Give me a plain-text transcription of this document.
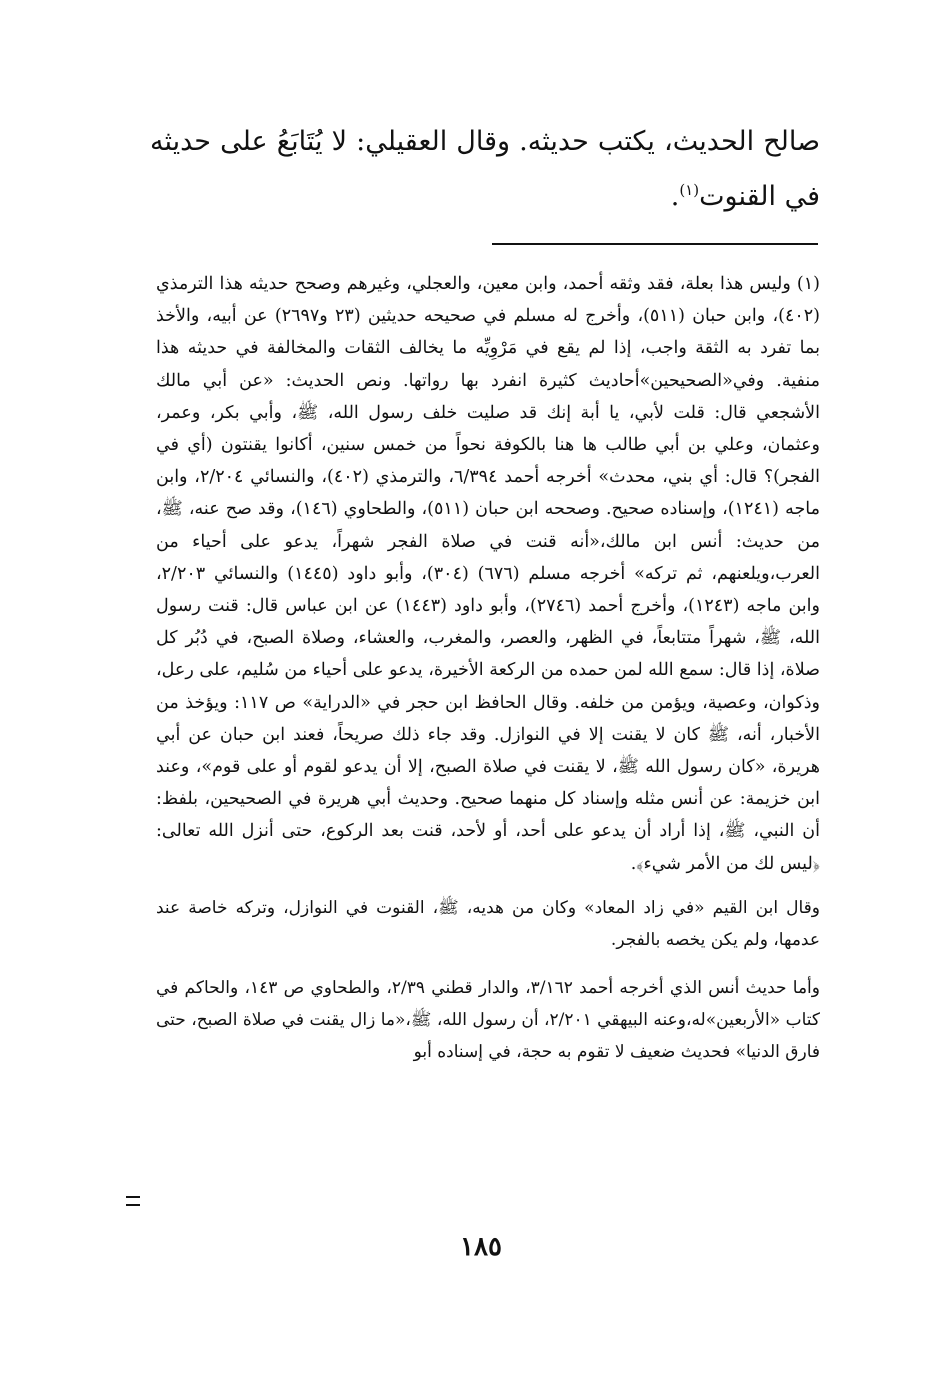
صالح الحديث، يكتب حديثه. وقال العقيلي: لا يُتَابَعُ على حديثه في القنوت$^{(١)}$.

(١) وليس هذا بعلة، فقد وثقه أحمد، وابن معين، والعجلي، وغيرهم وصحح حديثه هذا الترمذي (٤٠٢)، وابن حبان (٥١١)، وأخرج له مسلم في صحيحه حديثين (٢٣ و٢٦٩٧) عن أبيه، والأخذ بما تفرد به الثقة واجب، إذا لم يقع في مَرْوِيِّه ما يخالف الثقات والمخالفة في حديثه هذا منفية. وفي«الصحيحين»أحاديث كثيرة انفرد بها رواتها. ونص الحديث: «عن أبي مالك الأشجعي قال: قلت لأبي، يا أبة إنك قد صليت خلف رسول الله، ﷺ، وأبي بكر، وعمر، وعثمان، وعلي بن أبي طالب ها هنا بالكوفة نحواً من خمس سنين، أكانوا يقنتون (أي في الفجر)؟ قال: أي بني، محدث» أخرجه أحمد ٦/٣٩٤، والترمذي (٤٠٢)، والنسائي ٢/٢٠٤، وابن ماجه (١٢٤١)، وإسناده صحيح. وصححه ابن حبان (٥١١)، والطحاوي (١٤٦)، وقد صح عنه، ﷺ، من حديث: أنس ابن مالك،«أنه قنت في صلاة الفجر شهراً، يدعو على أحياء من العرب،ويلعنهم، ثم تركه» أخرجه مسلم (٦٧٦) (٣٠٤)، وأبو داود (١٤٤٥) والنسائي ٢/٢٠٣، وابن ماجه (١٢٤٣)، وأخرج أحمد (٢٧٤٦)، وأبو داود (١٤٤٣) عن ابن عباس قال: قنت رسول الله، ﷺ، شهراً متتابعاً، في الظهر، والعصر، والمغرب، والعشاء، وصلاة الصبح، في دُبُر كل صلاة، إذا قال: سمع الله لمن حمده من الركعة الأخيرة، يدعو على أحياء من سُليم، على رعل، وذكوان، وعصية، ويؤمن من خلفه. وقال الحافظ ابن حجر في «الدراية» ص ١١٧: ويؤخذ من الأخبار، أنه، ﷺ كان لا يقنت إلا في النوازل. وقد جاء ذلك صريحاً، فعند ابن حبان عن أبي هريرة، «كان رسول الله ﷺ، لا يقنت في صلاة الصبح، إلا أن يدعو لقوم أو على قوم»، وعند ابن خزيمة: عن أنس مثله وإسناد كل منهما صحيح. وحديث أبي هريرة في الصحيحين، بلفظ: أن النبي، ﷺ، إذا أراد أن يدعو على أحد، أو لأحد، قنت بعد الركوع، حتى أنزل الله تعالى: ﴿ليس لك من الأمر شيء﴾.

وقال ابن القيم «في زاد المعاد» وكان من هديه، ﷺ، القنوت في النوازل، وتركه خاصة عند عدمها، ولم يكن يخصه بالفجر.

وأما حديث أنس الذي أخرجه أحمد ٣/١٦٢، والدار قطني ٢/٣٩، والطحاوي ص ١٤٣، والحاكم في كتاب «الأربعين»له،وعنه البيهقي ٢/٢٠١، أن رسول الله، ﷺ،«ما زال يقنت في صلاة الصبح، حتى فارق الدنيا» فحديث ضعيف لا تقوم به حجة، في إسناده أبو

١٨٥
